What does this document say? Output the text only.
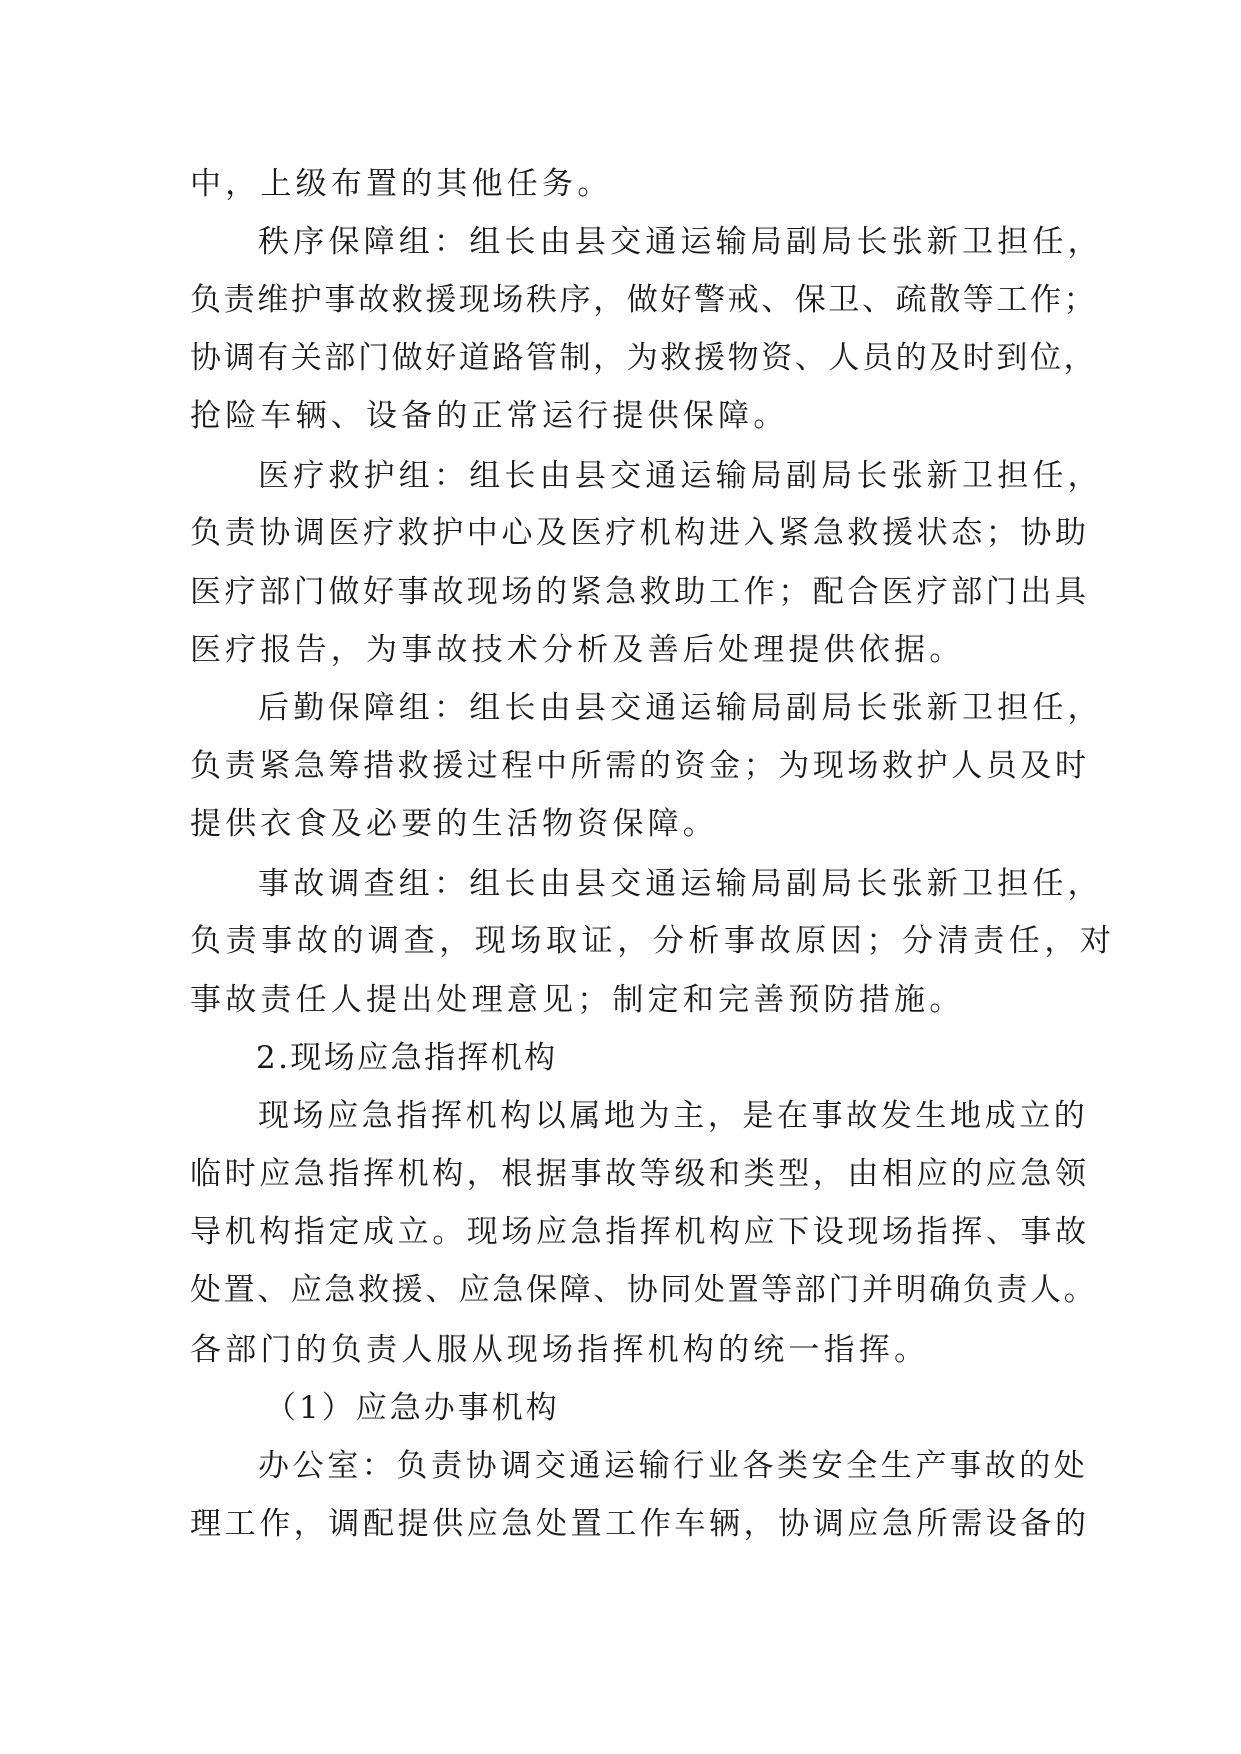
中，上级布置的其他任务。
秩序保障组：组长由县交通运输局副局长张新卫担任，
负责维护事故救援现场秩序，做好警戒、保卫、疏散等工作；
协调有关部门做好道路管制，为救援物资、人员的及时到位，
抢险车辆、设备的正常运行提供保障。
医疗救护组：组长由县交通运输局副局长张新卫担任，
负责协调医疗救护中心及医疗机构进入紧急救援状态；协助
医疗部门做好事故现场的紧急救助工作；配合医疗部门出具
医疗报告，为事故技术分析及善后处理提供依据。
后勤保障组：组长由县交通运输局副局长张新卫担任，
负责紧急筹措救援过程中所需的资金；为现场救护人员及时
提供衣食及必要的生活物资保障。
事故调查组：组长由县交通运输局副局长张新卫担任，
负责事故的调查，现场取证，分析事故原因；分清责任，对
事故责任人提出处理意见；制定和完善预防措施。
2.现场应急指挥机构
现场应急指挥机构以属地为主，是在事故发生地成立的
临时应急指挥机构，根据事故等级和类型，由相应的应急领
导机构指定成立。现场应急指挥机构应下设现场指挥、事故
处置、应急救援、应急保障、协同处置等部门并明确负责人。
各部门的负责人服从现场指挥机构的统一指挥。
（1）应急办事机构
办公室：负责协调交通运输行业各类安全生产事故的处
理工作，调配提供应急处置工作车辆，协调应急所需设备的
